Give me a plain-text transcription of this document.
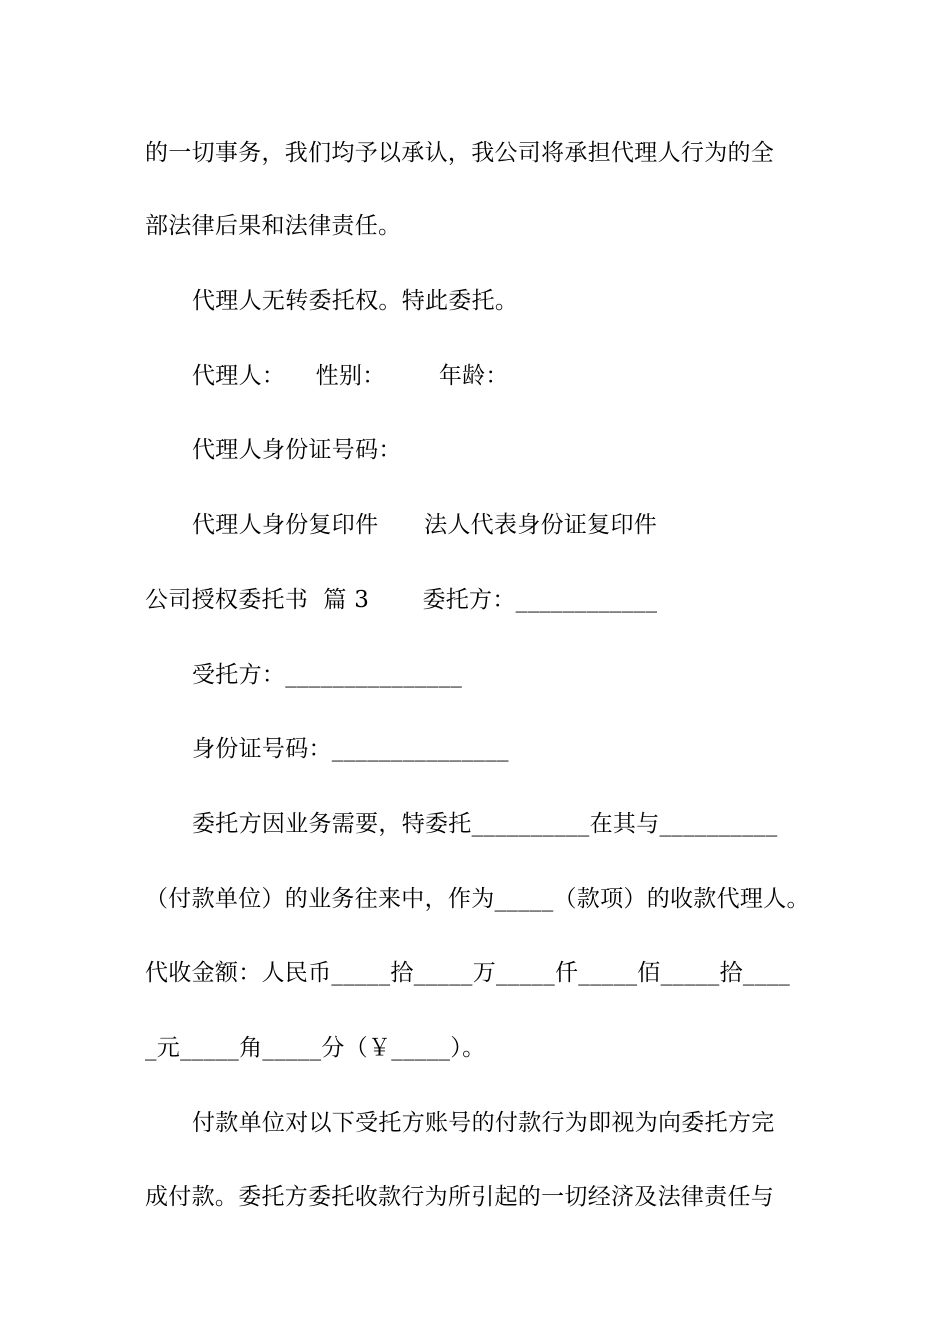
的一切事务，我们均予以承认，我公司将承担代理人行为的全
部法律后果和法律责任。
代理人无转委托权。特此委托。
代理人：    性别：       年龄：
代理人身份证号码：
代理人身份复印件      法人代表身份证复印件
公司授权委托书  篇 3       委托方：____________
受托方：_______________
身份证号码：_______________
委托方因业务需要，特委托__________在其与__________
（付款单位）的业务往来中，作为_____（款项）的收款代理人。
代收金额：人民币_____拾_____万_____仟_____佰_____拾____
_元_____角_____分（￥_____）。
付款单位对以下受托方账号的付款行为即视为向委托方完
成付款。委托方委托收款行为所引起的一切经济及法律责任与
